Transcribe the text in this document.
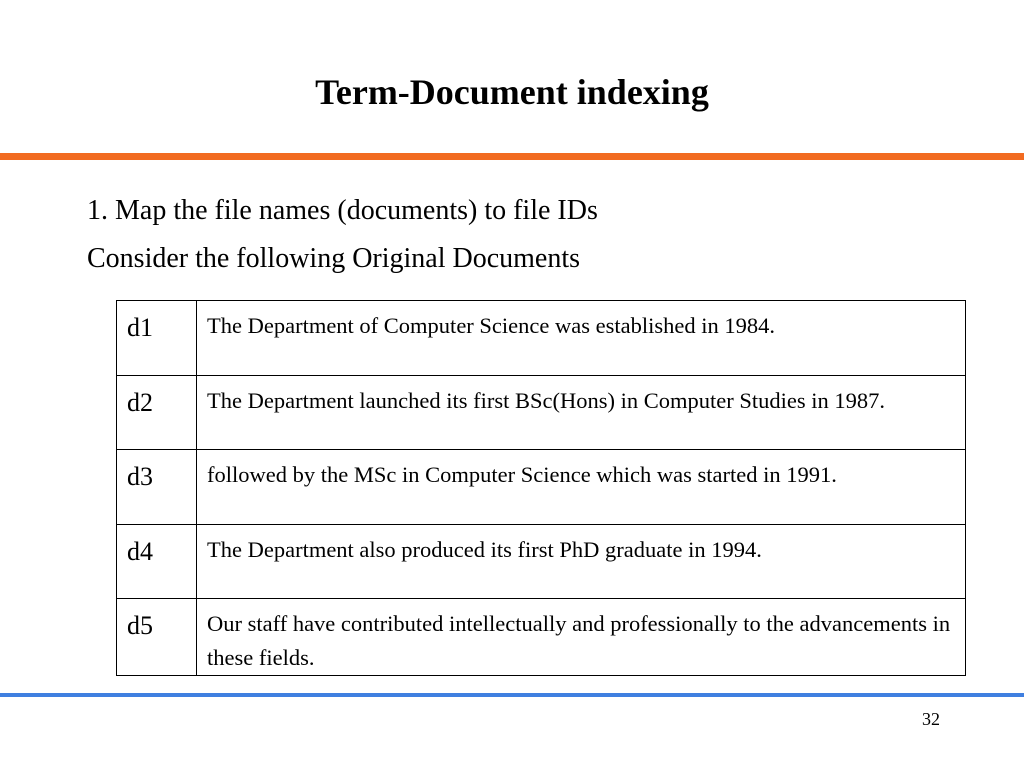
Term-Document indexing

1. Map the file names (documents) to file IDs

Consider the following Original Documents

d1	The Department of Computer Science was established in 1984.
d2	The Department launched its first BSc(Hons) in Computer Studies in 1987.
d3	followed by the MSc in Computer Science which was started in 1991.
d4	The Department also produced its first PhD graduate in 1994.
d5	Our staff have contributed intellectually and professionally to the advancements in these fields.

32
